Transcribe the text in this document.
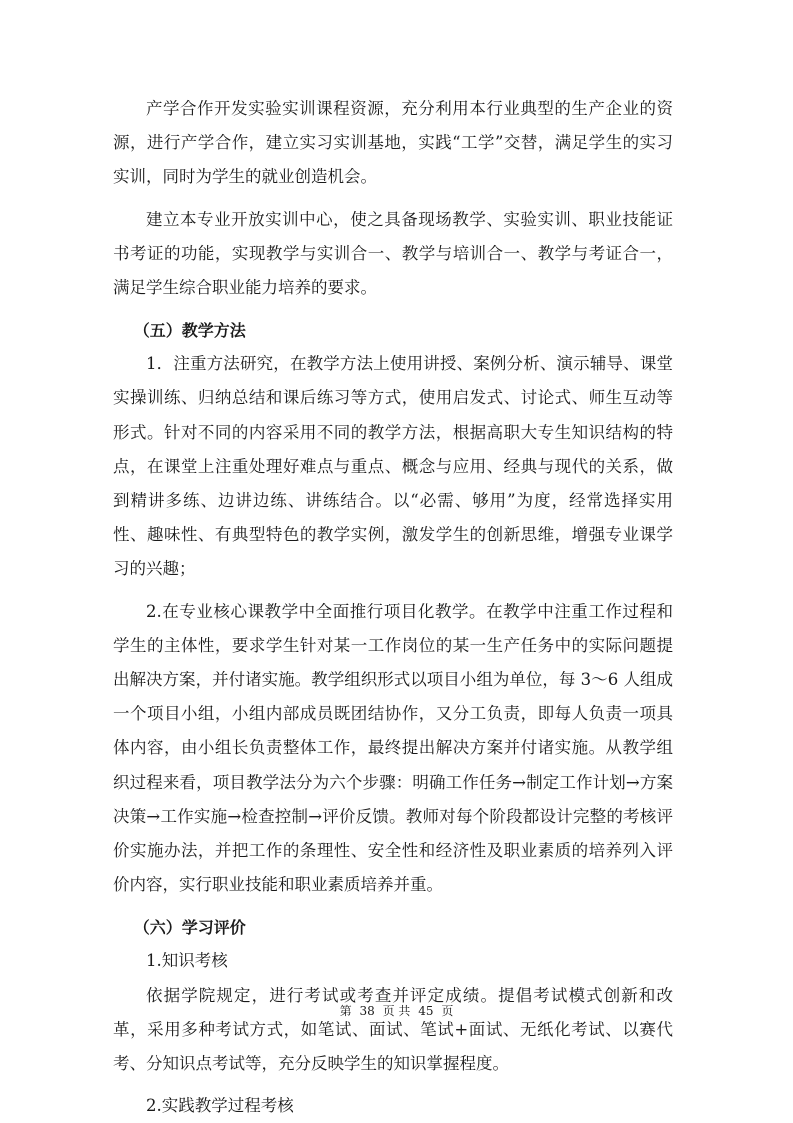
产学合作开发实验实训课程资源，充分利用本行业典型的生产企业的资源，进行产学合作，建立实习实训基地，实践“工学”交替，满足学生的实习实训，同时为学生的就业创造机会。

建立本专业开放实训中心，使之具备现场教学、实验实训、职业技能证书考证的功能，实现教学与实训合一、教学与培训合一、教学与考证合一，满足学生综合职业能力培养的要求。

（五）教学方法

1．注重方法研究，在教学方法上使用讲授、案例分析、演示辅导、课堂实操训练、归纳总结和课后练习等方式，使用启发式、讨论式、师生互动等形式。针对不同的内容采用不同的教学方法，根据高职大专生知识结构的特点，在课堂上注重处理好难点与重点、概念与应用、经典与现代的关系，做到精讲多练、边讲边练、讲练结合。以“必需、够用”为度，经常选择实用性、趣味性、有典型特色的教学实例，激发学生的创新思维，增强专业课学习的兴趣；

2.在专业核心课教学中全面推行项目化教学。在教学中注重工作过程和学生的主体性，要求学生针对某一工作岗位的某一生产任务中的实际问题提出解决方案，并付诸实施。教学组织形式以项目小组为单位，每 3～6 人组成一个项目小组，小组内部成员既团结协作，又分工负责，即每人负责一项具体内容，由小组长负责整体工作，最终提出解决方案并付诸实施。从教学组织过程来看，项目教学法分为六个步骤：明确工作任务→制定工作计划→方案决策→工作实施→检查控制→评价反馈。教师对每个阶段都设计完整的考核评价实施办法，并把工作的条理性、安全性和经济性及职业素质的培养列入评价内容，实行职业技能和职业素质培养并重。

（六）学习评价

1.知识考核

依据学院规定，进行考试或考查并评定成绩。提倡考试模式创新和改革，采用多种考试方式，如笔试、面试、笔试+面试、无纸化考试、以赛代考、分知识点考试等，充分反映学生的知识掌握程度。

2.实践教学过程考核

第 38 页 共 45 页
